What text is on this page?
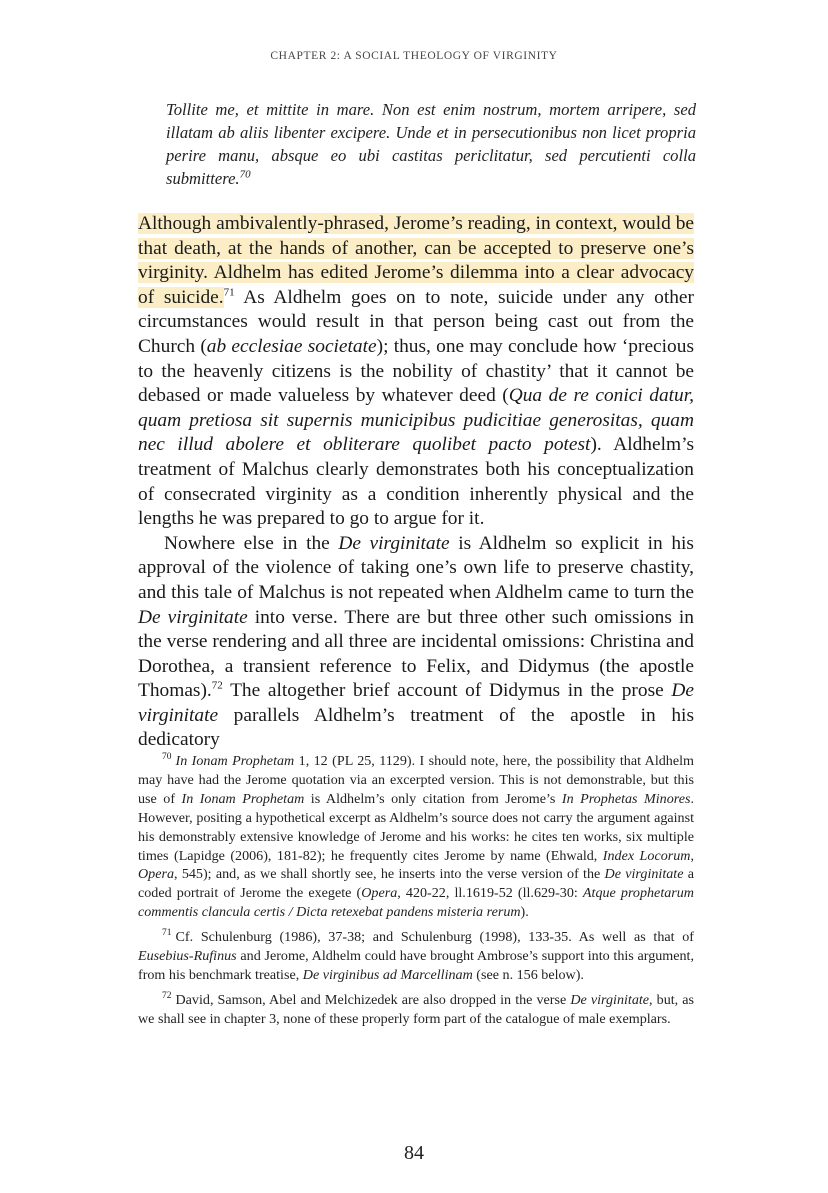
CHAPTER 2: A SOCIAL THEOLOGY OF VIRGINITY
Tollite me, et mittite in mare. Non est enim nostrum, mortem arripere, sed illatam ab aliis libenter excipere. Unde et in persecutionibus non licet propria perire manu, absque eo ubi castitas periclitatur, sed percutienti colla submittere.$^{70}$

Although ambivalently-phrased, Jerome’s reading, in context, would be that death, at the hands of another, can be accepted to preserve one’s virginity. Aldhelm has edited Jerome’s dilemma into a clear advocacy of suicide.$^{71}$ As Aldhelm goes on to note, suicide under any other circumstances would result in that person being cast out from the Church (ab ecclesiae societate); thus, one may conclude how ‘precious to the heavenly citizens is the nobility of chastity’ that it cannot be debased or made valueless by whatever deed (Qua de re conici datur, quam pretiosa sit supernis municipibus pudicitiae generositas, quam nec illud abolere et obliterare quolibet pacto potest). Aldhelm’s treatment of Malchus clearly demonstrates both his conceptualization of consecrated virginity as a condition inherently physical and the lengths he was prepared to go to argue for it.

Nowhere else in the De virginitate is Aldhelm so explicit in his approval of the violence of taking one’s own life to preserve chastity, and this tale of Malchus is not repeated when Aldhelm came to turn the De virginitate into verse. There are but three other such omissions in the verse rendering and all three are incidental omissions: Christina and Dorothea, a transient reference to Felix, and Didymus (the apostle Thomas).$^{72}$ The altogether brief account of Didymus in the prose De virginitate parallels Aldhelm’s treatment of the apostle in his dedicatory

$^{70}$ In Ionam Prophetam 1, 12 (PL 25, 1129). I should note, here, the possibility that Aldhelm may have had the Jerome quotation via an excerpted version. This is not demonstrable, but this use of In Ionam Prophetam is Aldhelm’s only citation from Jerome’s In Prophetas Minores. However, positing a hypothetical excerpt as Aldhelm’s source does not carry the argument against his demonstrably extensive knowledge of Jerome and his works: he cites ten works, six multiple times (Lapidge (2006), 181-82); he frequently cites Jerome by name (Ehwald, Index Locorum, Opera, 545); and, as we shall shortly see, he inserts into the verse version of the De virginitate a coded portrait of Jerome the exegete (Opera, 420-22, ll.1619-52 (ll.629-30: Atque prophetarum commentis clancula certis / Dicta retexebat pandens misteria rerum).

$^{71}$ Cf. Schulenburg (1986), 37-38; and Schulenburg (1998), 133-35. As well as that of Eusebius-Rufinus and Jerome, Aldhelm could have brought Ambrose’s support into this argument, from his benchmark treatise, De virginibus ad Marcellinam (see n. 156 below).

$^{72}$ David, Samson, Abel and Melchizedek are also dropped in the verse De virginitate, but, as we shall see in chapter 3, none of these properly form part of the catalogue of male exemplars.

84
